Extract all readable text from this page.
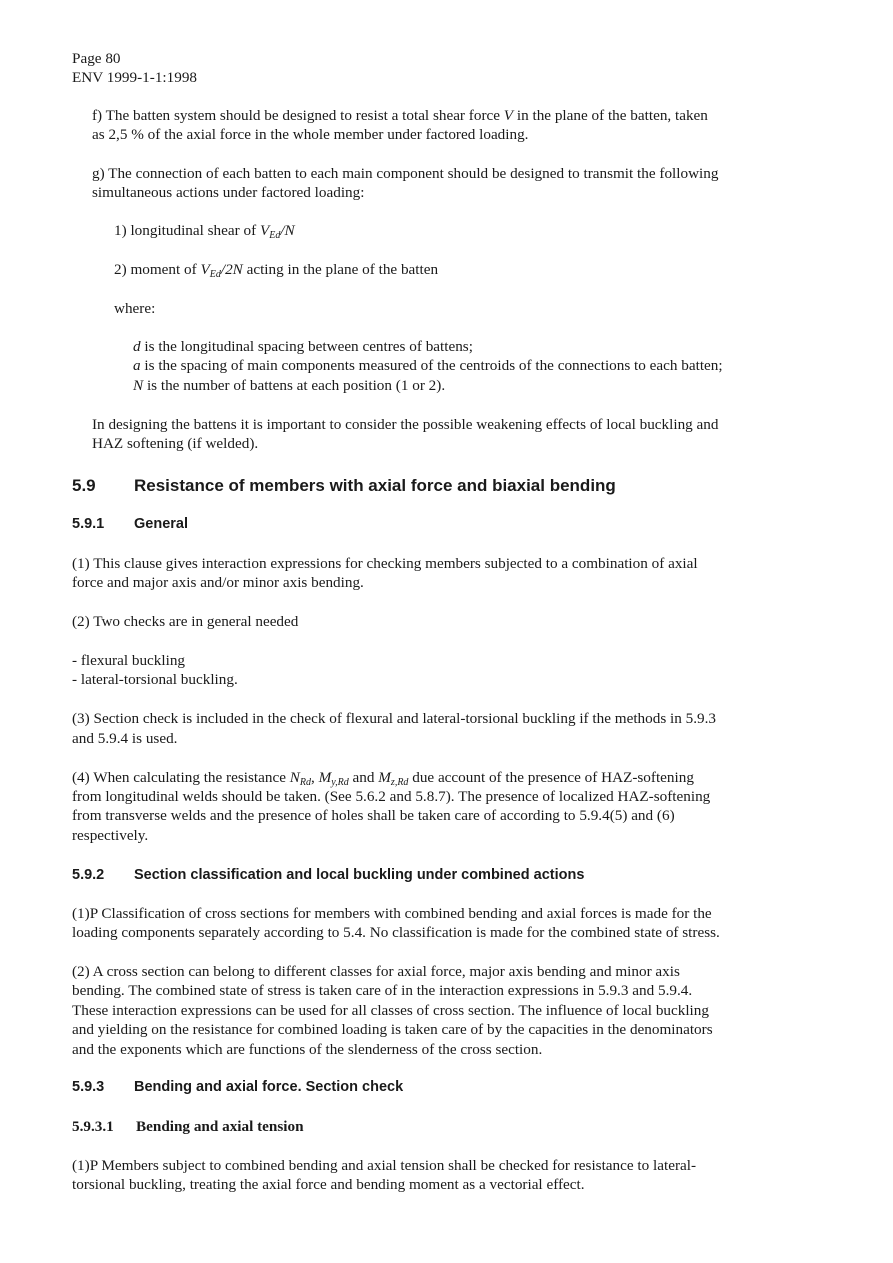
Page 80
ENV 1999-1-1:1998
f) The batten system should be designed to resist a total shear force V in the plane of the batten, taken
as 2,5 % of the axial force in the whole member under factored loading.
g) The connection of each batten to each main component should be designed to transmit the following
simultaneous actions under factored loading:
1) longitudinal shear of $V_{Ed}/N$
2) moment of $V_{Ed}/2N$ acting in the plane of the batten
where:
d is the longitudinal spacing between centres of battens;
a is the spacing of main components measured of the centroids of the connections to each batten;
N is the number of battens at each position (1 or 2).
In designing the battens it is important to consider the possible weakening effects of local buckling and
HAZ softening (if welded).
5.9 Resistance of members with axial force and biaxial bending
5.9.1 General
(1) This clause gives interaction expressions for checking members subjected to a combination of axial
force and major axis and/or minor axis bending.
(2) Two checks are in general needed
- flexural buckling
- lateral-torsional buckling.
(3) Section check is included in the check of flexural and lateral-torsional buckling if the methods in 5.9.3
and 5.9.4 is used.
(4) When calculating the resistance $N_{Rd}$, $M_{y,Rd}$ and $M_{z,Rd}$ due account of the presence of HAZ-softening
from longitudinal welds should be taken. (See 5.6.2 and 5.8.7). The presence of localized HAZ-softening
from transverse welds and the presence of holes shall be taken care of according to 5.9.4(5) and (6)
respectively.
5.9.2 Section classification and local buckling under combined actions
(1)P Classification of cross sections for members with combined bending and axial forces is made for the
loading components separately according to 5.4. No classification is made for the combined state of stress.
(2) A cross section can belong to different classes for axial force, major axis bending and minor axis
bending. The combined state of stress is taken care of in the interaction expressions in 5.9.3 and 5.9.4.
These interaction expressions can be used for all classes of cross section. The influence of local buckling
and yielding on the resistance for combined loading is taken care of by the capacities in the denominators
and the exponents which are functions of the slenderness of the cross section.
5.9.3 Bending and axial force. Section check
5.9.3.1 Bending and axial tension
(1)P Members subject to combined bending and axial tension shall be checked for resistance to lateral-
torsional buckling, treating the axial force and bending moment as a vectorial effect.
